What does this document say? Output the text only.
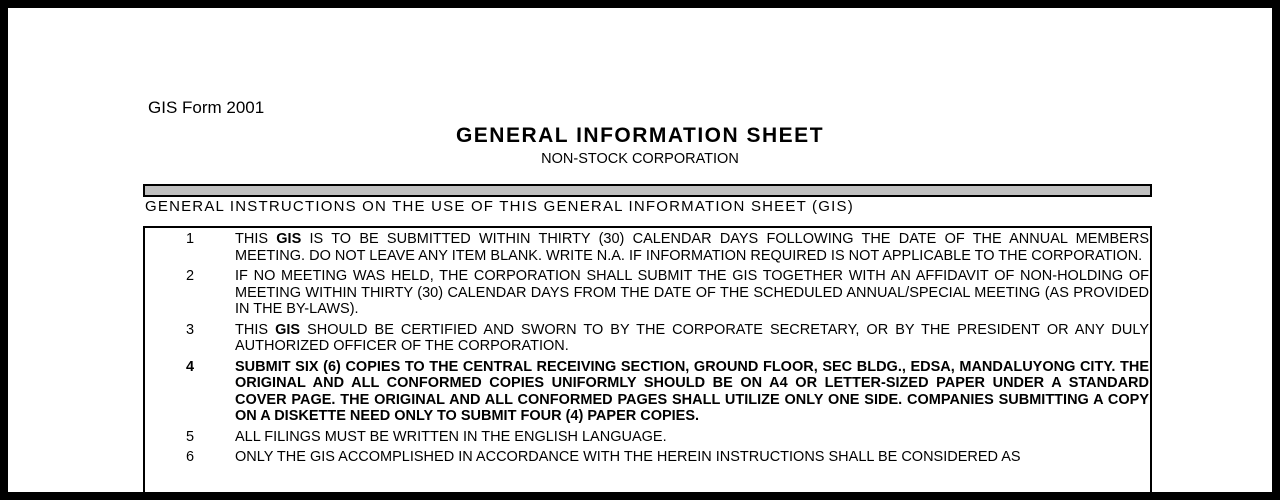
GIS Form 2001
GENERAL INFORMATION SHEET
NON-STOCK CORPORATION
GENERAL INSTRUCTIONS ON THE USE OF THIS GENERAL INFORMATION SHEET (GIS)
1	THIS GIS IS TO BE SUBMITTED WITHIN THIRTY (30) CALENDAR DAYS FOLLOWING THE DATE OF THE ANNUAL MEMBERS MEETING. DO NOT LEAVE ANY ITEM BLANK. WRITE N.A. IF INFORMATION REQUIRED IS NOT APPLICABLE TO THE CORPORATION.
2	IF NO MEETING WAS HELD, THE CORPORATION SHALL SUBMIT THE GIS TOGETHER WITH AN AFFIDAVIT OF NON-HOLDING OF MEETING WITHIN THIRTY (30) CALENDAR DAYS FROM THE DATE OF THE SCHEDULED ANNUAL/SPECIAL MEETING (AS PROVIDED IN THE BY-LAWS).
3	THIS GIS SHOULD BE CERTIFIED AND SWORN TO BY THE CORPORATE SECRETARY, OR BY THE PRESIDENT OR ANY DULY AUTHORIZED OFFICER OF THE CORPORATION.
4	SUBMIT SIX (6) COPIES TO THE CENTRAL RECEIVING SECTION, GROUND FLOOR, SEC BLDG., EDSA, MANDALUYONG CITY. THE ORIGINAL AND ALL CONFORMED COPIES UNIFORMLY SHOULD BE ON A4 OR LETTER-SIZED PAPER UNDER A STANDARD COVER PAGE. THE ORIGINAL AND ALL CONFORMED PAGES SHALL UTILIZE ONLY ONE SIDE. COMPANIES SUBMITTING A COPY ON A DISKETTE NEED ONLY TO SUBMIT FOUR (4) PAPER COPIES.
5	ALL FILINGS MUST BE WRITTEN IN THE ENGLISH LANGUAGE.
6	ONLY THE GIS ACCOMPLISHED IN ACCORDANCE WITH THE HEREIN INSTRUCTIONS SHALL BE CONSIDERED AS
